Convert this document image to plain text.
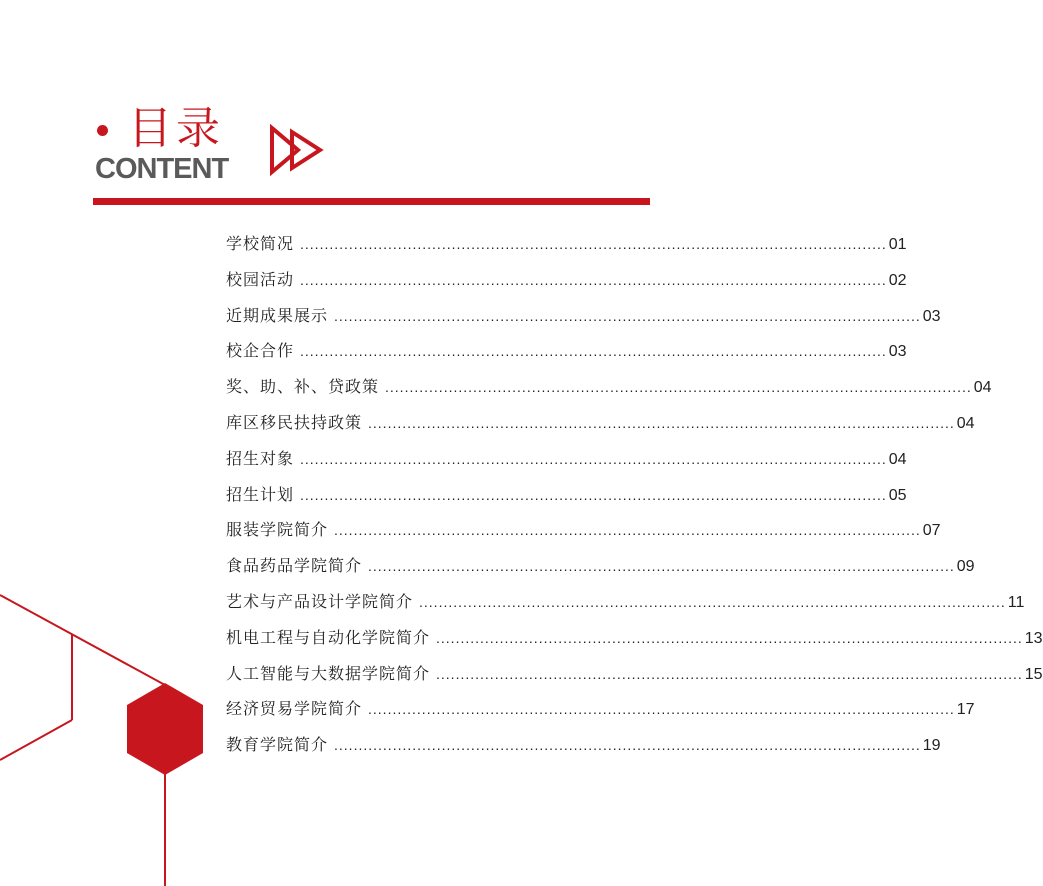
目录
CONTENT
学校简况 ........................................................................................................................ 01
校园活动 ........................................................................................................................ 02
近期成果展示 ........................................................................................................................ 03
校企合作 ........................................................................................................................ 03
奖、助、补、贷政策 ........................................................................................................................ 04
库区移民扶持政策 ........................................................................................................................ 04
招生对象 ........................................................................................................................ 04
招生计划 ........................................................................................................................ 05
服装学院简介 ........................................................................................................................ 07
食品药品学院简介 ........................................................................................................................ 09
艺术与产品设计学院简介 ........................................................................................................................ 11
机电工程与自动化学院简介 ........................................................................................................................ 13
人工智能与大数据学院简介 ........................................................................................................................ 15
经济贸易学院简介 ........................................................................................................................ 17
教育学院简介 ........................................................................................................................ 19
